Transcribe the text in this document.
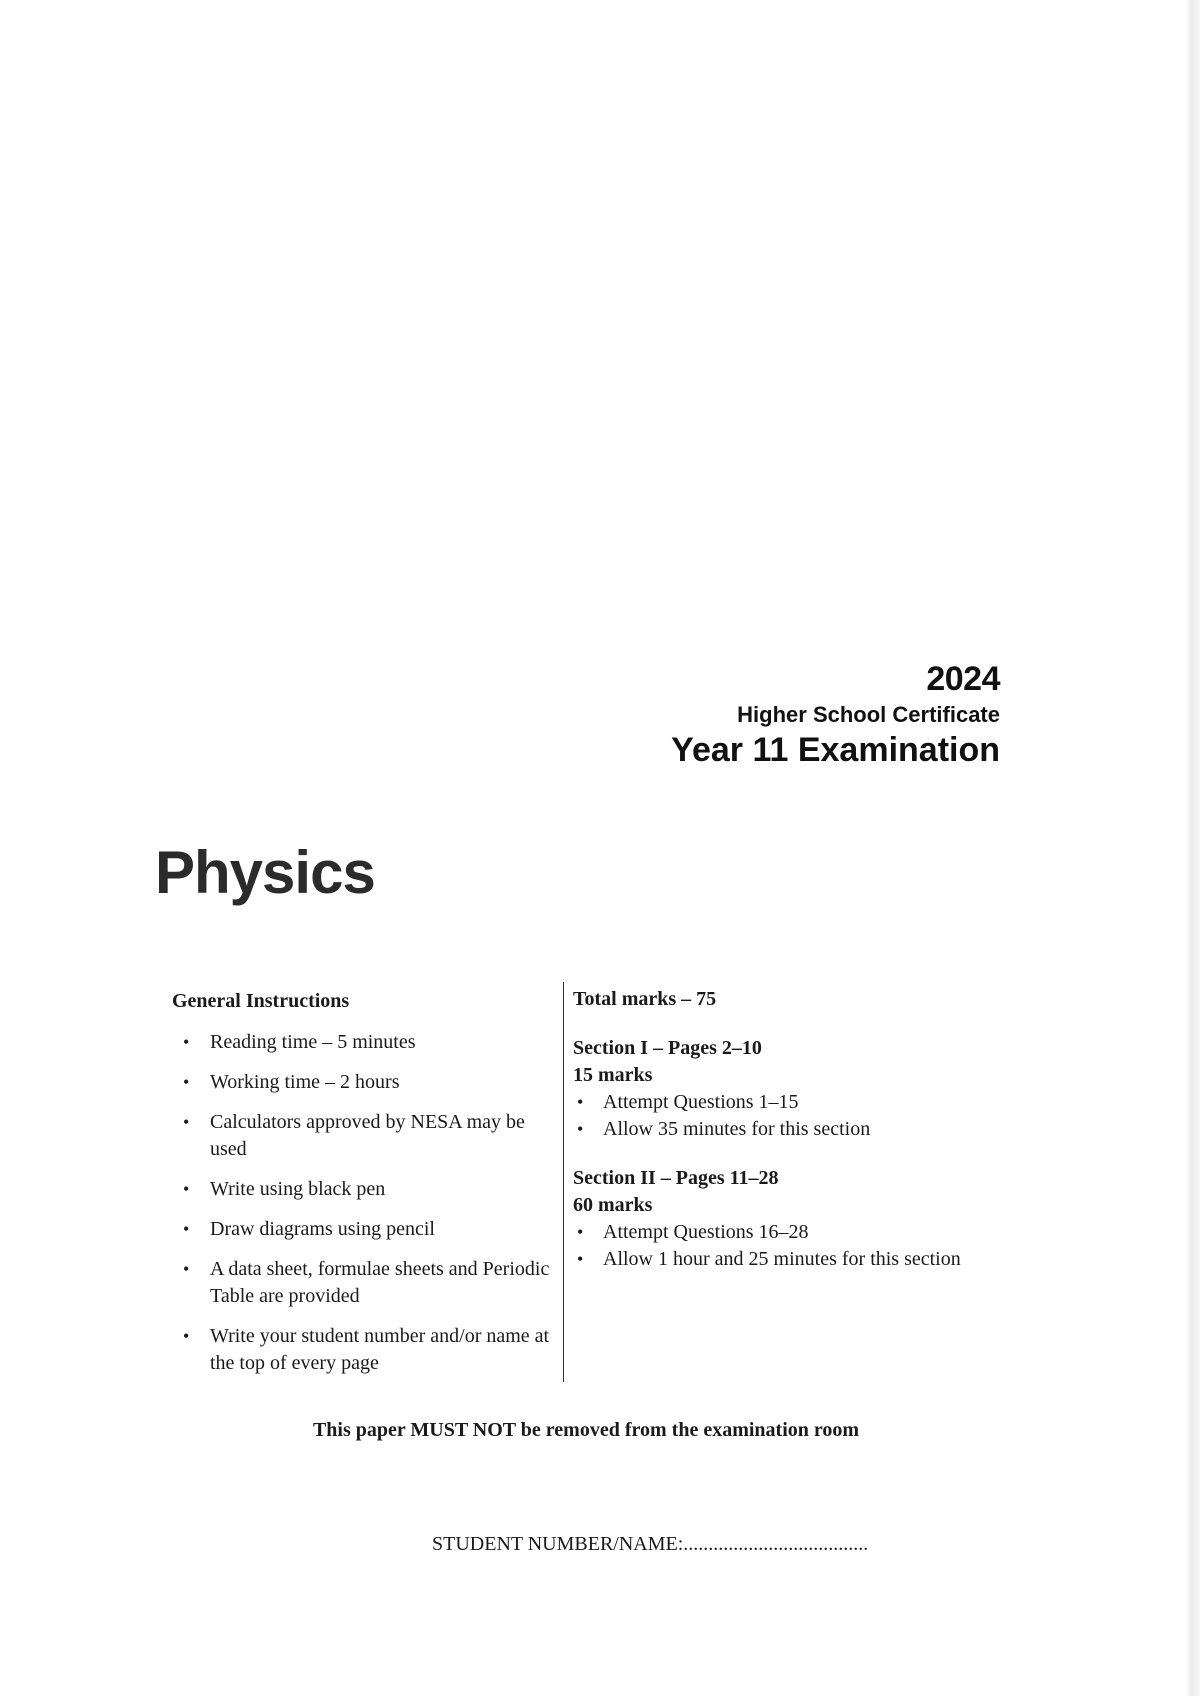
2024
Higher School Certificate
Year 11 Examination
Physics
General Instructions
• Reading time – 5 minutes
• Working time – 2 hours
• Calculators approved by NESA may be used
• Write using black pen
• Draw diagrams using pencil
• A data sheet, formulae sheets and Periodic Table are provided
• Write your student number and/or name at the top of every page
Total marks – 75
Section I – Pages 2–10
15 marks
• Attempt Questions 1–15
• Allow 35 minutes for this section
Section II – Pages 11–28
60 marks
• Attempt Questions 16–28
• Allow 1 hour and 25 minutes for this section
This paper MUST NOT be removed from the examination room
STUDENT NUMBER/NAME:.....................................
